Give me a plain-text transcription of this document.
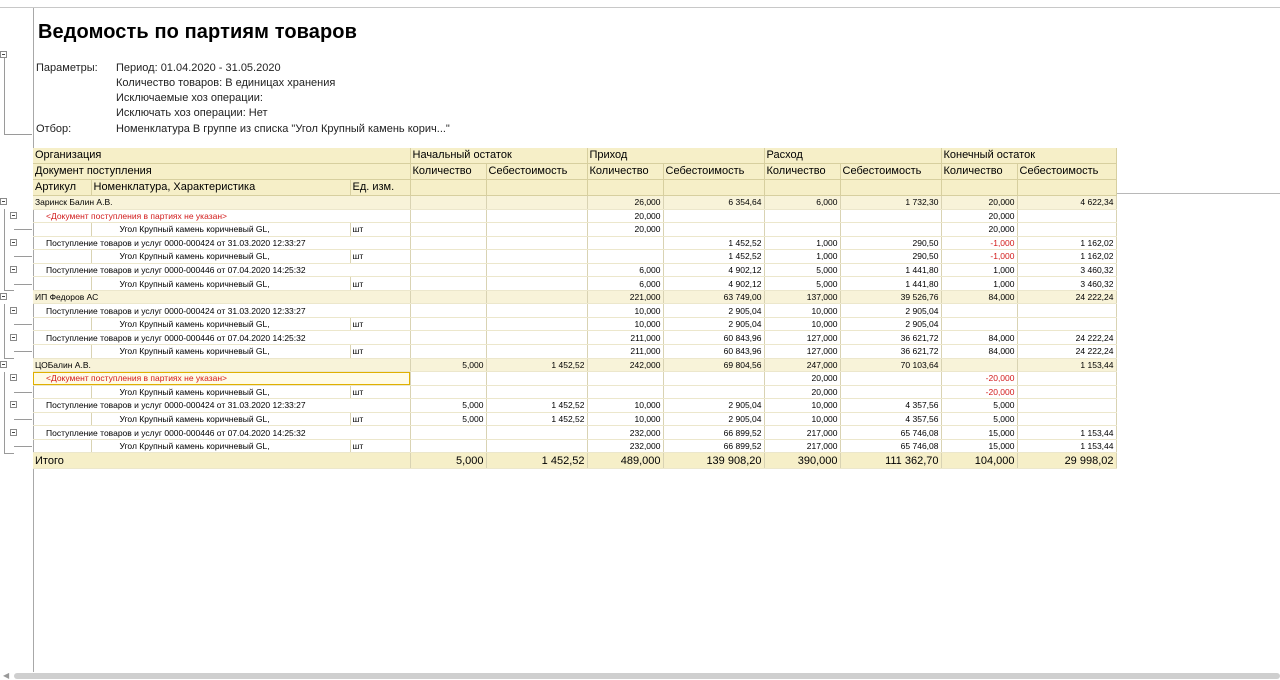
Ведомость по партиям товаров
Параметры: Период: 01.04.2020 - 31.05.2020
Количество товаров: В единицах хранения
Исключаемые хоз операции:
Исключать хоз операции: Нет
Отбор:	Номенклатура В группе из списка "Угол Крупный камень корич..."
Организация			Начальный остаток		Приход		Расход		Конечный остаток	
Документ поступления			Количество	Себестоимость	Количество	Себестоимость	Количество	Себестоимость	Количество	Себестоимость
Артикул	Номенклатура, Характеристика	Ед. изм.								
Заринск Балин А.В.					26,000	6 354,64	6,000	1 732,30	20,000	4 622,34
<Документ поступления в партиях не указан>					20,000				20,000	
	Угол Крупный камень коричневый GL,	шт			20,000				20,000	
Поступление товаров и услуг 0000-000424 от 31.03.2020 12:33:27						1 452,52	1,000	290,50	-1,000	1 162,02
	Угол Крупный камень коричневый GL,	шт				1 452,52	1,000	290,50	-1,000	1 162,02
Поступление товаров и услуг 0000-000446 от 07.04.2020 14:25:32					6,000	4 902,12	5,000	1 441,80	1,000	3 460,32
	Угол Крупный камень коричневый GL,	шт			6,000	4 902,12	5,000	1 441,80	1,000	3 460,32
ИП Федоров АС					221,000	63 749,00	137,000	39 526,76	84,000	24 222,24
Поступление товаров и услуг 0000-000424 от 31.03.2020 12:33:27					10,000	2 905,04	10,000	2 905,04		
	Угол Крупный камень коричневый GL,	шт			10,000	2 905,04	10,000	2 905,04		
Поступление товаров и услуг 0000-000446 от 07.04.2020 14:25:32					211,000	60 843,96	127,000	36 621,72	84,000	24 222,24
	Угол Крупный камень коричневый GL,	шт			211,000	60 843,96	127,000	36 621,72	84,000	24 222,24
ЦОБалин А.В.			5,000	1 452,52	242,000	69 804,56	247,000	70 103,64		1 153,44
<Документ поступления в партиях не указан>							20,000		-20,000	
	Угол Крупный камень коричневый GL,	шт					20,000		-20,000	
Поступление товаров и услуг 0000-000424 от 31.03.2020 12:33:27			5,000	1 452,52	10,000	2 905,04	10,000	4 357,56	5,000	
	Угол Крупный камень коричневый GL,	шт	5,000	1 452,52	10,000	2 905,04	10,000	4 357,56	5,000	
Поступление товаров и услуг 0000-000446 от 07.04.2020 14:25:32					232,000	66 899,52	217,000	65 746,08	15,000	1 153,44
	Угол Крупный камень коричневый GL,	шт			232,000	66 899,52	217,000	65 746,08	15,000	1 153,44
Итого			5,000	1 452,52	489,000	139 908,20	390,000	111 362,70	104,000	29 998,02
◀
